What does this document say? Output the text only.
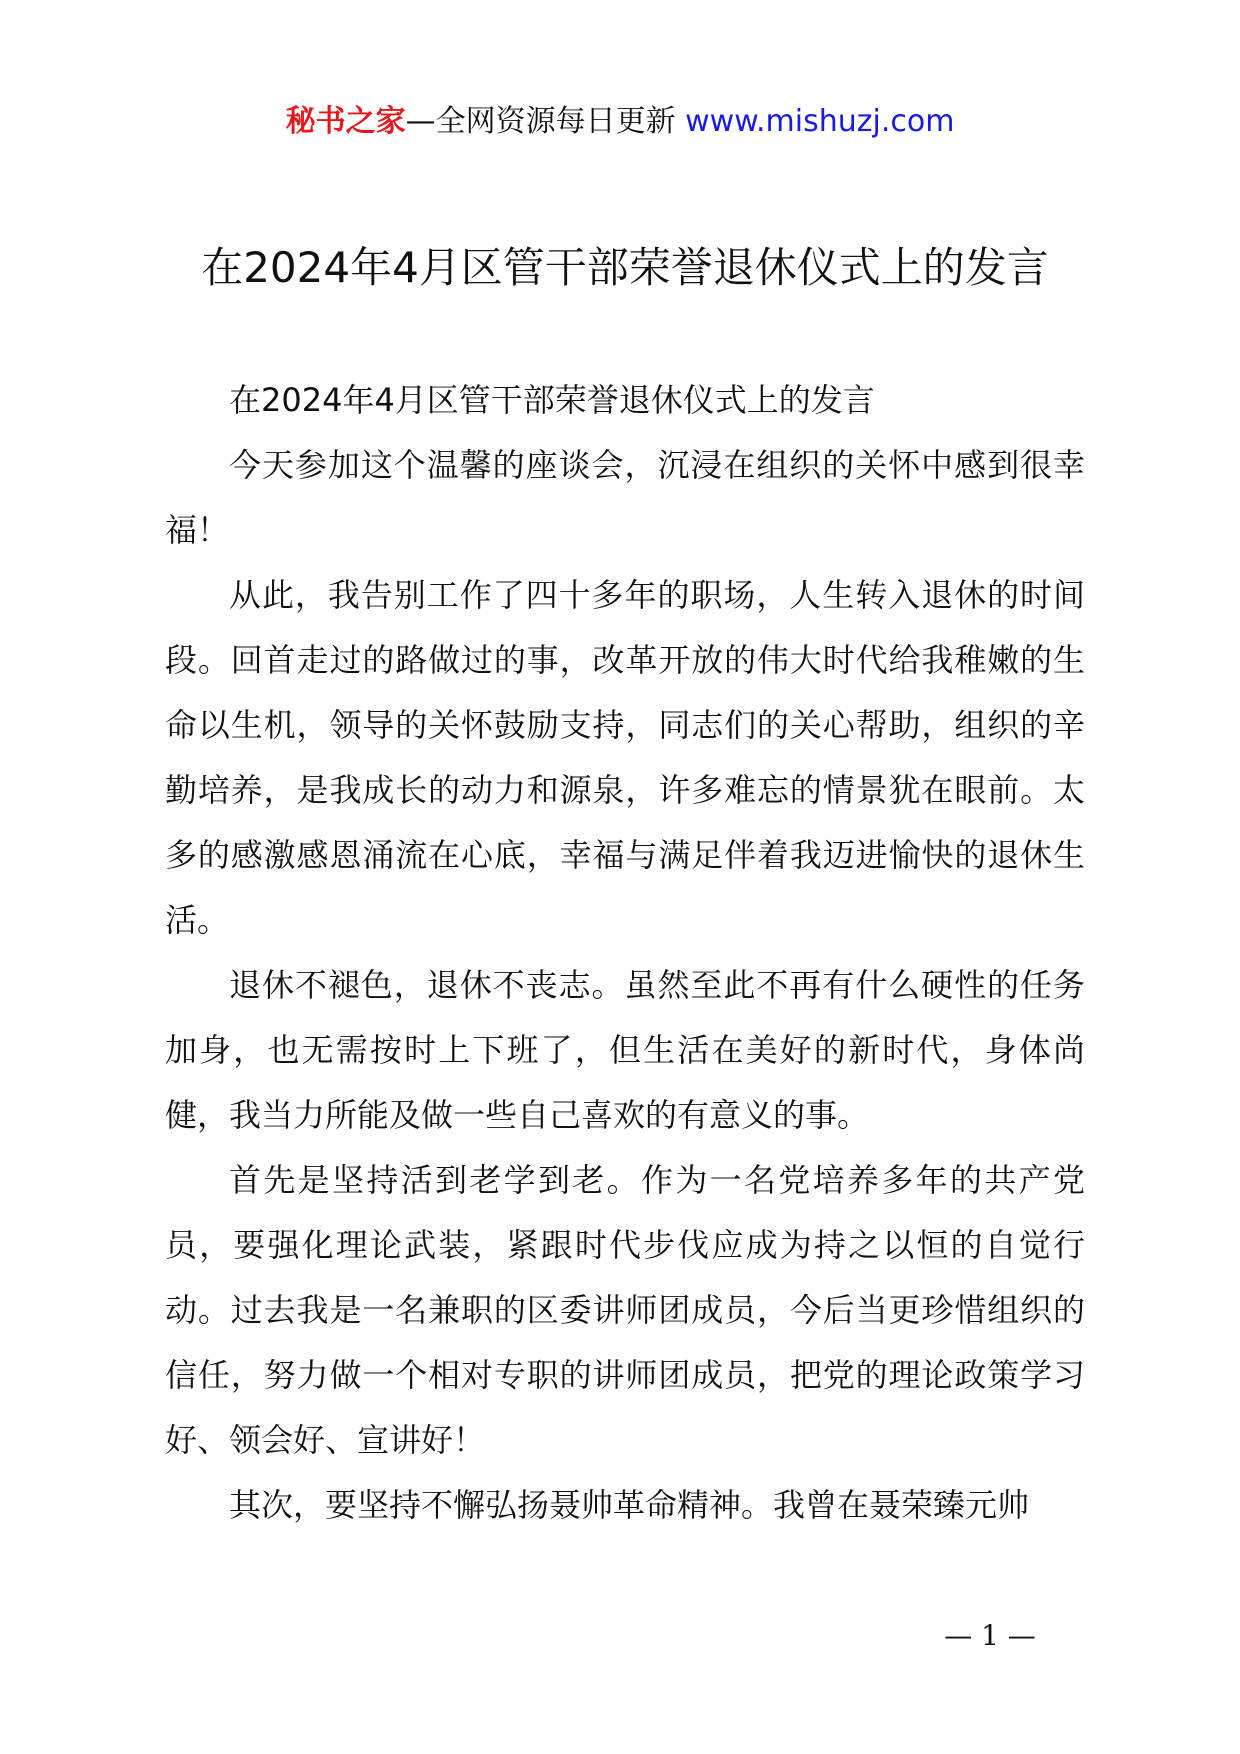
秘书之家—全网资源每日更新 www.mishuzj.com
在2024年4月区管干部荣誉退休仪式上的发言

在2024年4月区管干部荣誉退休仪式上的发言

今天参加这个温馨的座谈会，沉浸在组织的关怀中感到很幸福！

从此，我告别工作了四十多年的职场，人生转入退休的时间段。回首走过的路做过的事，改革开放的伟大时代给我稚嫩的生命以生机，领导的关怀鼓励支持，同志们的关心帮助，组织的辛勤培养，是我成长的动力和源泉，许多难忘的情景犹在眼前。太多的感激感恩涌流在心底，幸福与满足伴着我迈进愉快的退休生活。

退休不褪色，退休不丧志。虽然至此不再有什么硬性的任务加身，也无需按时上下班了，但生活在美好的新时代，身体尚健，我当力所能及做一些自己喜欢的有意义的事。

首先是坚持活到老学到老。作为一名党培养多年的共产党员，要强化理论武装，紧跟时代步伐应成为持之以恒的自觉行动。过去我是一名兼职的区委讲师团成员，今后当更珍惜组织的信任，努力做一个相对专职的讲师团成员，把党的理论政策学习好、领会好、宣讲好！

其次，要坚持不懈弘扬聂帅革命精神。我曾在聂荣臻元帅

— 1 —
